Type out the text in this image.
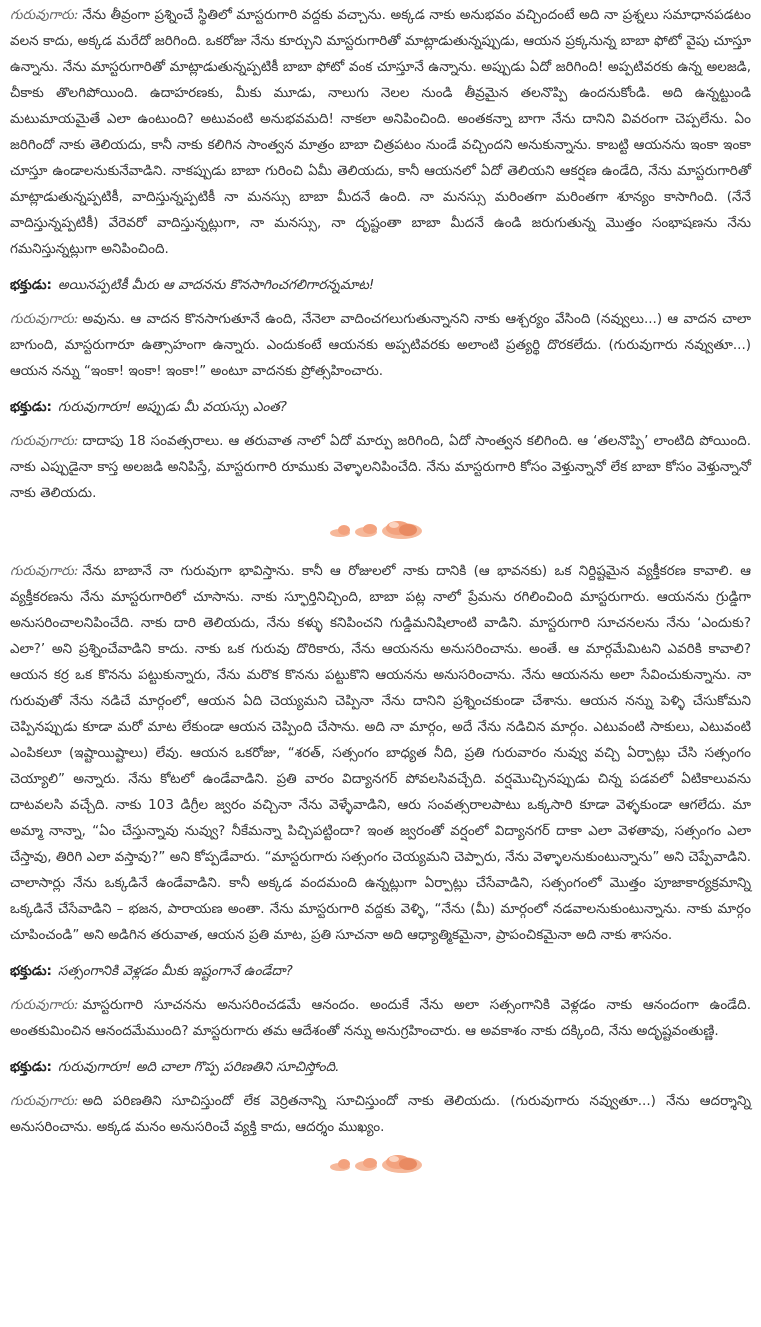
గురువుగారు: నేను తీవ్రంగా ప్రశ్నించే స్థితిలో మాస్టరుగారి వద్దకు వచ్చాను. అక్కడ నాకు అనుభవం వచ్చిందంటే అది నా ప్రశ్నలు సమాధానపడటం వలన కాదు, అక్కడ మరేదో జరిగింది. ఒకరోజు నేను కూర్చుని మాస్టరుగారితో మాట్లాడుతున్నప్పుడు, ఆయన ప్రక్కనున్న బాబా ఫోటో వైపు చూస్తూ ఉన్నాను. నేను మాస్టరుగారితో మాట్లాడుతున్నప్పటికీ బాబా ఫోటో వంక చూస్తూనే ఉన్నాను. అప్పుడు ఏదో జరిగింది! అప్పటివరకు ఉన్న అలజడి, చీకాకు తొలగిపోయింది. ఉదాహరణకు, మీకు మూడు, నాలుగు నెలల నుండి తీవ్రమైన తలనొప్పి ఉందనుకోండి. అది ఉన్నట్టుండి మటుమాయమైతే ఎలా ఉంటుంది? అటువంటి అనుభవమది! నాకలా అనిపించింది. అంతకన్నా బాగా నేను దానిని వివరంగా చెప్పలేను. ఏం జరిగిందో నాకు తెలియదు, కానీ నాకు కలిగిన సాంత్వన మాత్రం బాబా చిత్రపటం నుండే వచ్చిందని అనుకున్నాను. కాబట్టి ఆయనను ఇంకా ఇంకా చూస్తూ ఉండాలనుకునేవాడిని. నాకప్పుడు బాబా గురించి ఏమీ తెలియదు, కానీ ఆయనలో ఏదో తెలియని ఆకర్షణ ఉండేది, నేను మాస్టరుగారితో మాట్లాడుతున్నప్పటికీ, వాదిస్తున్నప్పటికీ నా మనస్సు బాబా మీదనే ఉంది. నా మనస్సు మరింతగా మరింతగా శూన్యం కాసాగింది. (నేనే వాదిస్తున్నప్పటికీ) వేరెవరో వాదిస్తున్నట్లుగా, నా మనస్సు, నా దృష్టంతా బాబా మీదనే ఉండి జరుగుతున్న మొత్తం సంభాషణను నేను గమనిస్తున్నట్లుగా అనిపించింది.

భక్తుడు: అయినప్పటికీ మీరు ఆ వాదనను కొనసాగించగలిగారన్నమాట!

గురువుగారు: అవును. ఆ వాదన కొనసాగుతూనే ఉంది, నేనెలా వాదించగలుగుతున్నానని నాకు ఆశ్చర్యం వేసింది (నవ్వులు...) ఆ వాదన చాలా బాగుంది, మాస్టరుగారూ ఉత్సాహంగా ఉన్నారు. ఎందుకంటే ఆయనకు అప్పటివరకు అలాంటి ప్రత్యర్థి దొరకలేదు. (గురువుగారు నవ్వుతూ...) ఆయన నన్ను “ఇంకా! ఇంకా! ఇంకా!” అంటూ వాదనకు ప్రోత్సహించారు.

భక్తుడు: గురువుగారూ! అప్పుడు మీ వయస్సు ఎంత?

గురువుగారు: దాదాపు 18 సంవత్సరాలు. ఆ తరువాత నాలో ఏదో మార్పు జరిగింది, ఏదో సాంత్వన కలిగింది. ఆ ‘తలనొప్పి’ లాంటిది పోయింది. నాకు ఎప్పుడైనా కాస్త అలజడి అనిపిస్తే, మాస్టరుగారి రూముకు వెళ్ళాలనిపించేది. నేను మాస్టరుగారి కోసం వెళ్తున్నానో లేక బాబా కోసం వెళ్తున్నానో నాకు తెలియదు.

గురువుగారు: నేను బాబానే నా గురువుగా భావిస్తాను. కానీ ఆ రోజులలో నాకు దానికి (ఆ భావనకు) ఒక నిర్దిష్టమైన వ్యక్తీకరణ కావాలి. ఆ వ్యక్తీకరణను నేను మాస్టరుగారిలో చూసాను. నాకు స్ఫూర్తినిచ్చింది, బాబా పట్ల నాలో ప్రేమను రగిలించింది మాస్టరుగారు. ఆయనను గ్రుడ్డిగా అనుసరించాలనిపించేది. నాకు దారి తెలియదు, నేను కళ్ళు కనిపించని గుడ్డిమనిషిలాంటి వాడిని. మాస్టరుగారి సూచనలను నేను ‘ఎందుకు? ఎలా?’ అని ప్రశ్నించేవాడిని కాదు. నాకు ఒక గురువు దొరికారు, నేను ఆయనను అనుసరించాను. అంతే. ఆ మార్గమేమిటని ఎవరికి కావాలి? ఆయన కర్ర ఒక కొనను పట్టుకున్నారు, నేను మరొక కొనను పట్టుకొని ఆయనను అనుసరించాను. నేను ఆయనను అలా సేవించుకున్నాను. నా గురువుతో నేను నడిచే మార్గంలో, ఆయన ఏది చెయ్యమని చెప్పినా నేను దానిని ప్రశ్నించకుండా చేశాను. ఆయన నన్ను పెళ్ళి చేసుకోమని చెప్పినప్పుడు కూడా మరో మాట లేకుండా ఆయన చెప్పింది చేసాను. అది నా మార్గం, అదే నేను నడిచిన మార్గం. ఎటువంటి సాకులు, ఎటువంటి ఎంపికలూ (ఇష్టాయిష్టాలు) లేవు. ఆయన ఒకరోజు, “శరత్, సత్సంగం బాధ్యత నీది, ప్రతి గురువారం నువ్వు వచ్చి ఏర్పాట్లు చేసి సత్సంగం చెయ్యాలి” అన్నారు. నేను కోటలో ఉండేవాడిని. ప్రతి వారం విద్యానగర్ పోవలసివచ్చేది. వర్షమొచ్చినప్పుడు చిన్న పడవలో ఏటికాలువను దాటవలసి వచ్చేది. నాకు 103 డిగ్రీల జ్వరం వచ్చినా నేను వెళ్ళేవాడిని, ఆరు సంవత్సరాలపాటు ఒక్కసారి కూడా వెళ్ళకుండా ఆగలేదు. మా అమ్మా నాన్నా, “ఏం చేస్తున్నావు నువ్వు? నీకేమన్నా పిచ్చిపట్టిందా? ఇంత జ్వరంతో వర్షంలో విద్యానగర్ దాకా ఎలా వెళతావు, సత్సంగం ఎలా చేస్తావు, తిరిగి ఎలా వస్తావు?” అని కోప్పడేవారు. “మాస్టరుగారు సత్సంగం చెయ్యమని చెప్పారు, నేను వెళ్ళాలనుకుంటున్నాను” అని చెప్పేవాడిని. చాలాసార్లు నేను ఒక్కడినే ఉండేవాడిని. కానీ అక్కడ వందమంది ఉన్నట్లుగా ఏర్పాట్లు చేసేవాడిని, సత్సంగంలో మొత్తం పూజాకార్యక్రమాన్ని ఒక్కడినే చేసేవాడిని – భజన, పారాయణ అంతా. నేను మాస్టరుగారి వద్దకు వెళ్ళి, “నేను (మీ) మార్గంలో నడవాలనుకుంటున్నాను. నాకు మార్గం చూపించండి” అని అడిగిన తరువాత, ఆయన ప్రతి మాట, ప్రతి సూచనా అది ఆధ్యాత్మికమైనా, ప్రాపంచికమైనా అది నాకు శాసనం.

భక్తుడు: సత్సంగానికి వెళ్లడం మీకు ఇష్టంగానే ఉండేదా?

గురువుగారు: మాస్టరుగారి సూచనను అనుసరించడమే ఆనందం. అందుకే నేను అలా సత్సంగానికి వెళ్లడం నాకు ఆనందంగా ఉండేది. అంతకుమించిన ఆనందమేముంది? మాస్టరుగారు తమ ఆదేశంతో నన్ను అనుగ్రహించారు. ఆ అవకాశం నాకు దక్కింది, నేను అదృష్టవంతుణ్ణి.

భక్తుడు: గురువుగారూ! అది చాలా గొప్ప పరిణతిని సూచిస్తోంది.

గురువుగారు: అది పరిణతిని సూచిస్తుందో లేక వెర్రితనాన్ని సూచిస్తుందో నాకు తెలియదు. (గురువుగారు నవ్వుతూ...) నేను ఆదర్శాన్ని అనుసరించాను. అక్కడ మనం అనుసరించే వ్యక్తి కాదు, ఆదర్శం ముఖ్యం.
